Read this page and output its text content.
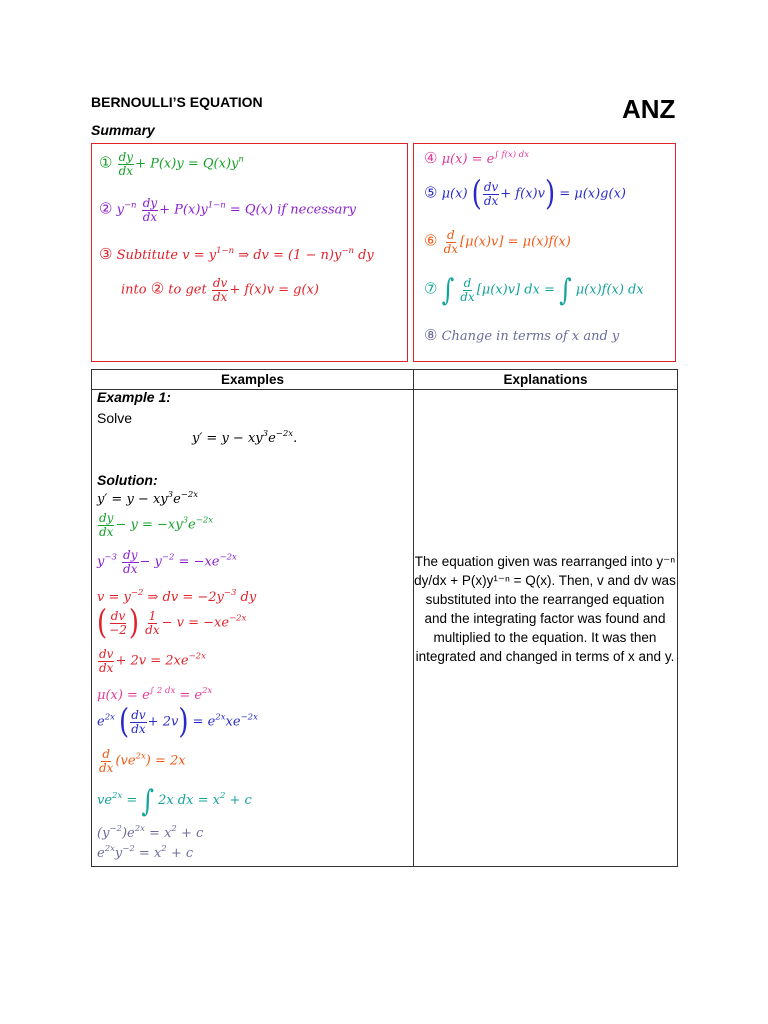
BERNOULLI’S EQUATION	ANZ
Summary
① $\frac{dy}{dx} + P(x)y = Q(x)y^n$
② $y^{-n} \frac{dy}{dx} + P(x)y^{1-n} = Q(x)$ if necessary
③ Subtitute $v = y^{1-n}$ ⇒ dv = $(1 - n)y^{-n}$ dy
into ② to get $\frac{dv}{dx} + f(x)v = g(x)$
④ $\mu(x) = e^{\int f(x) dx}$
⑤ μ(x) ( $\frac{dv}{dx} + f(x)v) = \mu(x)g(x)$
⑥ $\frac{d}{dx} [\mu(x)v] = \mu(x)f(x)$
⑦ ∫ $\frac{d}{dx} [\mu(x)v]$ dx = ∫ μ(x)f(x) dx
⑧ Change in terms of x and y
Examples	Explanations

Example 1:
Solve
$y' = y - xy^3e^{-2x}$.
Solution:
$y' = y - xy^3e^{-2x}$
$\frac{dy}{dx} - y = -xy^3e^{-2x}$
$y^{-3} \frac{dy}{dx} - y^{-2} = -xe^{-2x}$
$v = y^{-2}$ ⇒ dv = $-2y^{-3}$ dy
( $\frac{dv}{-2}$ ) $\frac{1}{dx} - v = -xe^{-2x}$
$\frac{dv}{dx} + 2v = 2xe^{-2x}$
$\mu(x) = e^{\int 2 dx} = e^{2x}$
$e^{2x}$ ( $\frac{dv}{dx} + 2v) = e^{2x}xe^{-2x}$
$\frac{d}{dx} (ve^{2x}) = 2x$
$ve^{2x}$ = ∫ 2x dx = $x^2 + c$
$(y^{-2})e^{2x} = x^2 + c$
$e^{2x}y^{-2} = x^2 + c$
The equation given was rearranged into y⁻ⁿ dy/dx + P(x)y¹⁻ⁿ = Q(x). Then, v and dv was substituted into the rearranged equation and the integrating factor was found and multiplied to the equation. It was then integrated and changed in terms of x and y.
